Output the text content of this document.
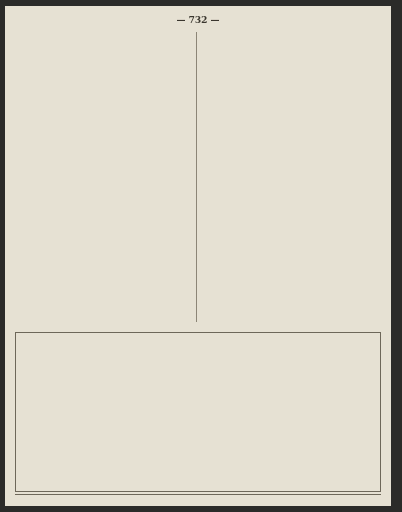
— 732 —
